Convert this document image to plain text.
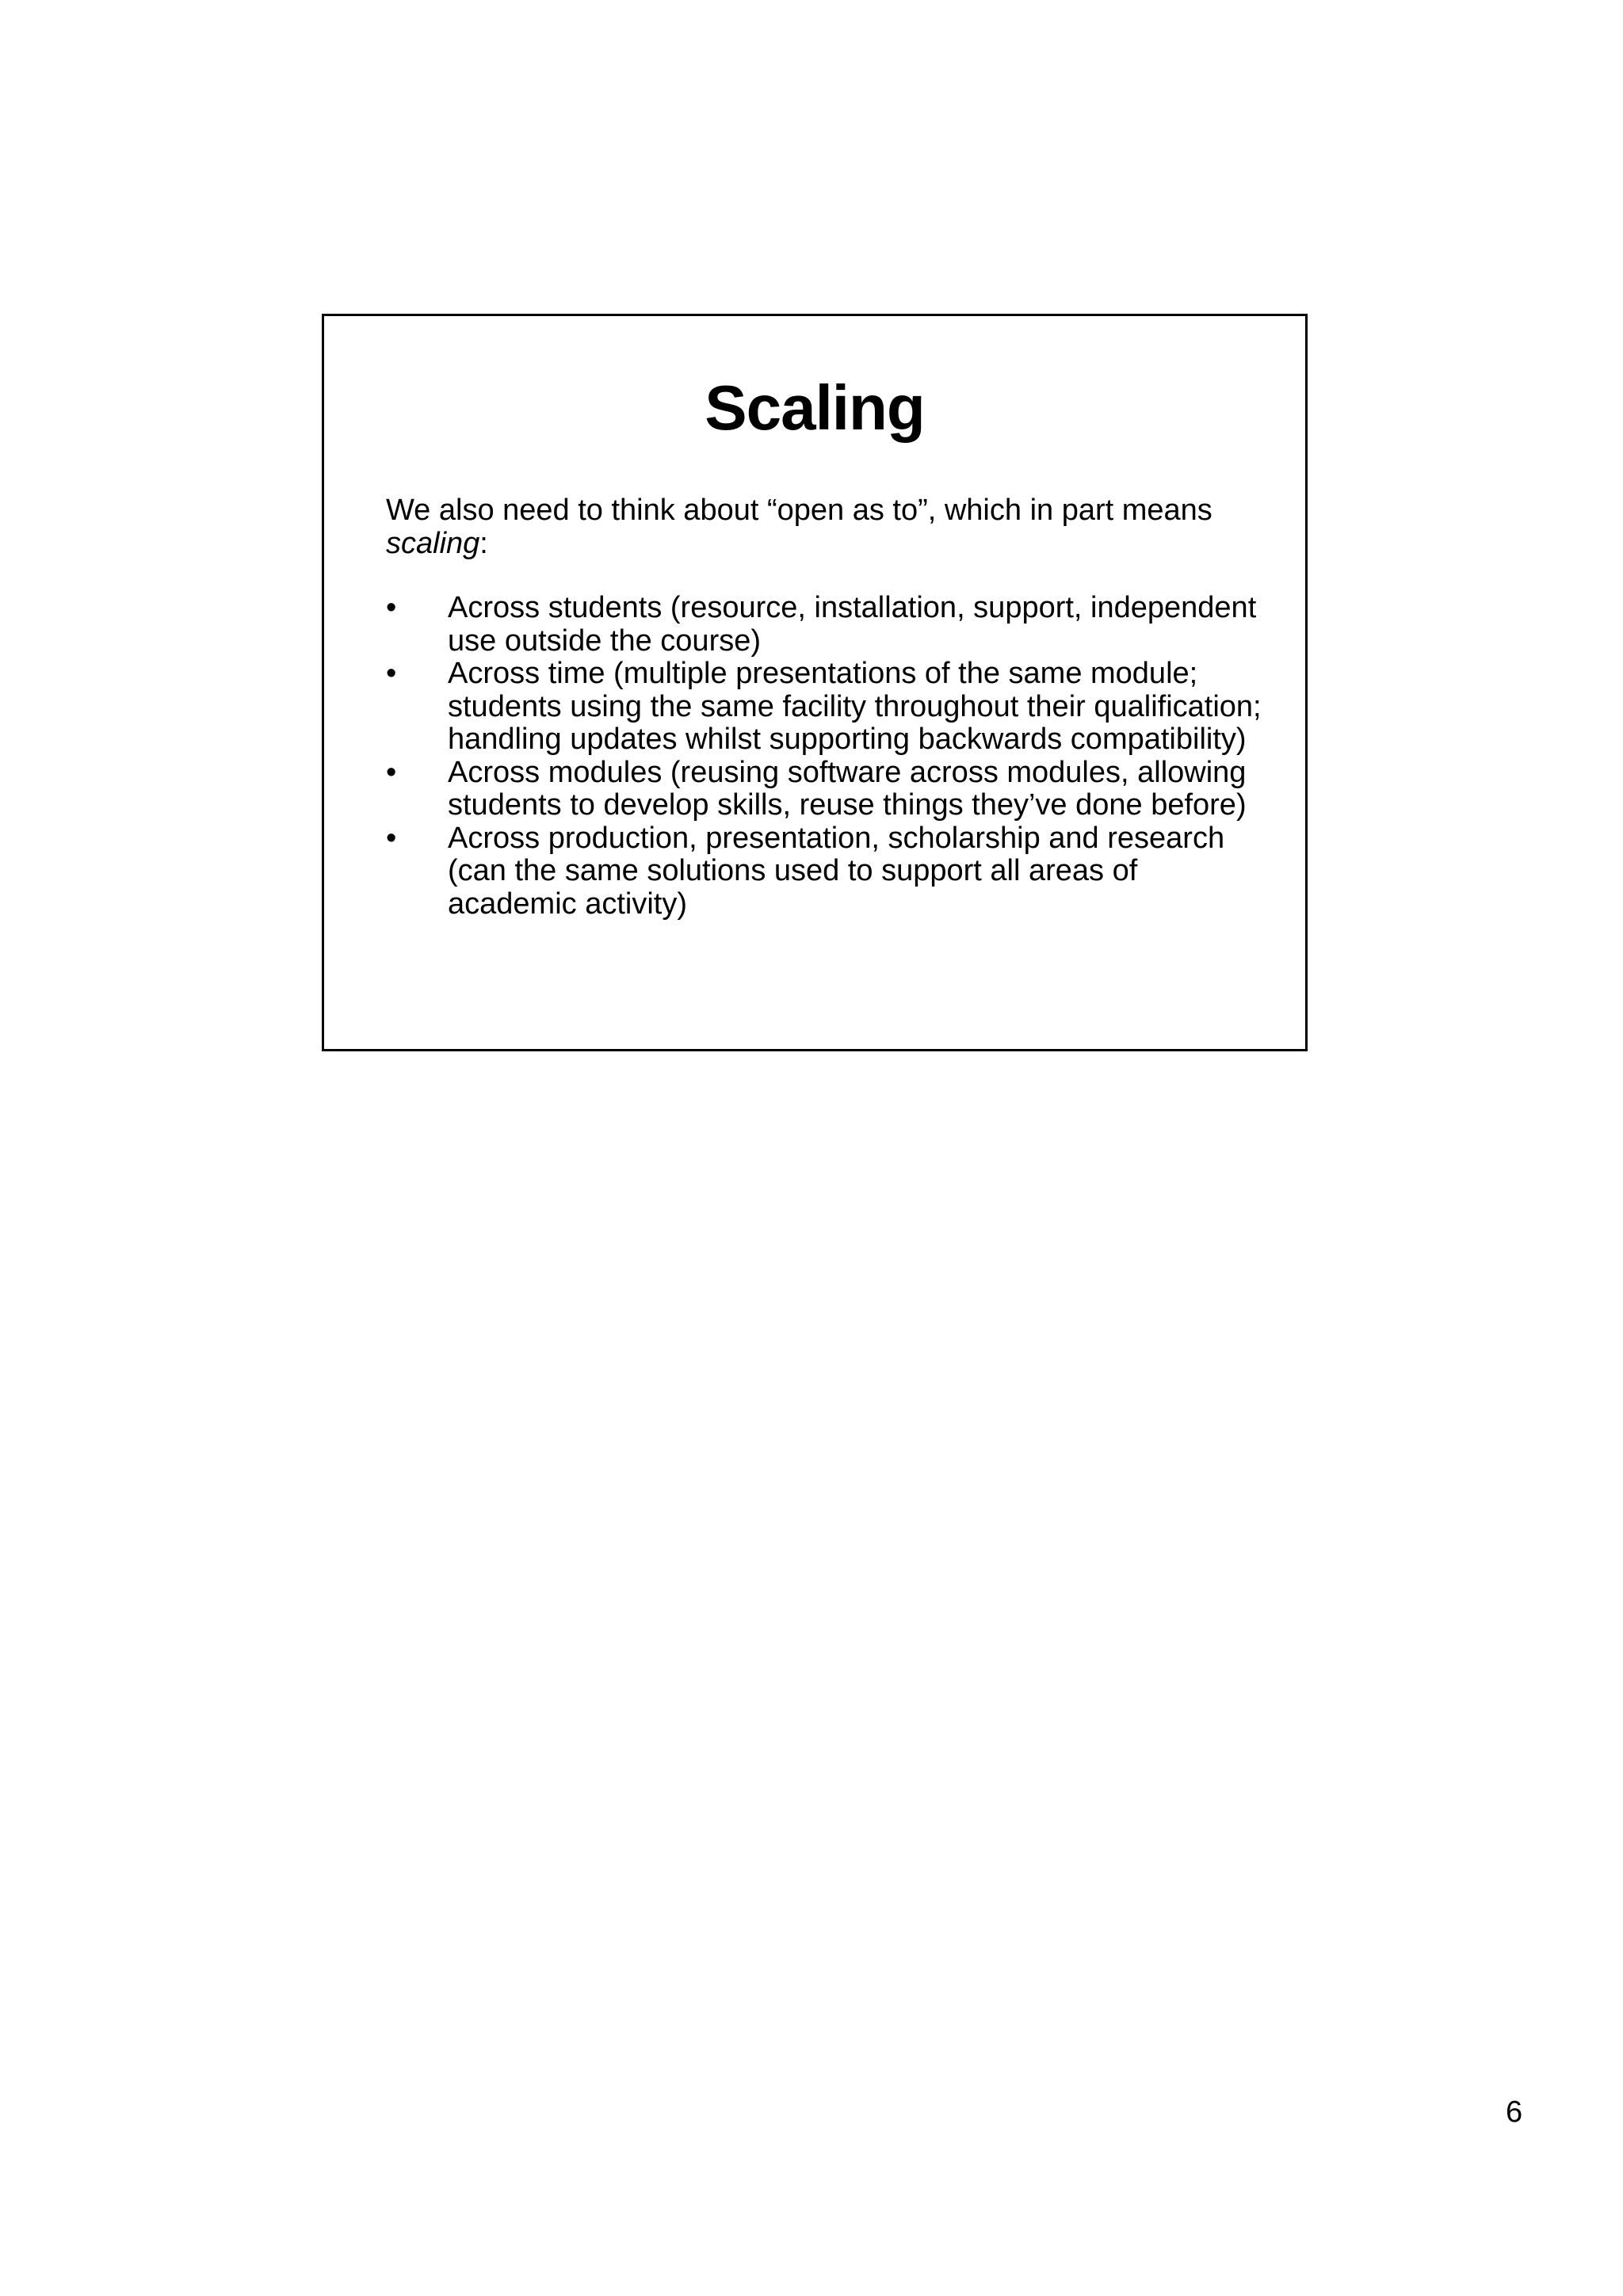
Scaling

We also need to think about “open as to”, which in part means scaling:

• Across students (resource, installation, support, independent use outside the course)
• Across time (multiple presentations of the same module; students using the same facility throughout their qualification; handling updates whilst supporting backwards compatibility)
• Across modules (reusing software across modules, allowing students to develop skills, reuse things they’ve done before)
• Across production, presentation, scholarship and research (can the same solutions used to support all areas of academic activity)
6
